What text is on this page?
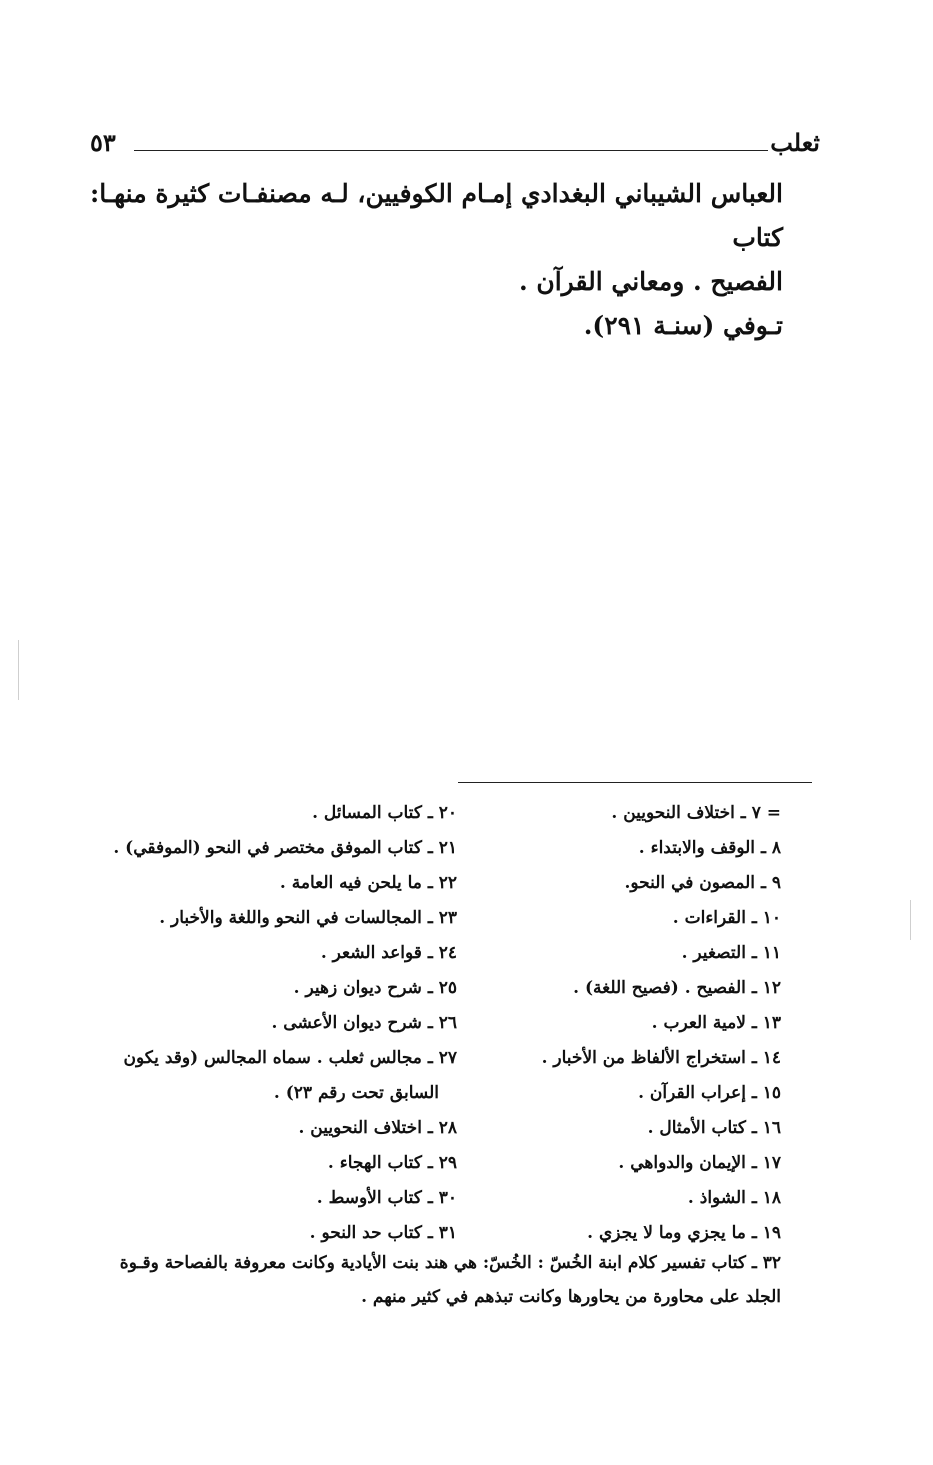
ثعلب
٥٣

العباس الشيباني البغدادي إمـام الكوفيين، لـه مصنفـات كثيرة منهـا: كتاب

الفصيح . ومعاني القرآن .

تـوفي (سنـة ٢٩١).

= ٧ ـ اختلاف النحويين .
٨ ـ الوقف والابتداء .
٩ ـ المصون في النحو.
١٠ ـ القراءات .
١١ ـ التصغير .
١٢ ـ الفصيح . (فصيح اللغة) .
١٣ ـ لامية العرب .
١٤ ـ استخراج الألفاظ من الأخبار .
١٥ ـ إعراب القرآن .
١٦ ـ كتاب الأمثال .
١٧ ـ الإيمان والدواهي .
١٨ ـ الشواذ .
١٩ ـ ما يجزي وما لا يجزي .
٢٠ ـ كتاب المسائل .
٢١ ـ كتاب الموفق مختصر في النحو (الموفقي) .
٢٢ ـ ما يلحن فيه العامة .
٢٣ ـ المجالسات في النحو واللغة والأخبار .
٢٤ ـ قواعد الشعر .
٢٥ ـ شرح ديوان زهير .
٢٦ ـ شرح ديوان الأعشى .
٢٧ ـ مجالس ثعلب . سماه المجالس (وقد يكون
السابق تحت رقم ٢٣) .
٢٨ ـ اختلاف النحويين .
٢٩ ـ كتاب الهجاء .
٣٠ ـ كتاب الأوسط .
٣١ ـ كتاب حد النحو .

٣٢ ـ كتاب تفسير كلام ابنة الخُسّ : الخُسّ: هي هند بنت الأيادية وكانت معروفة بالفصاحة وقـوة

الجلد على محاورة من يحاورها وكانت تبذهم في كثير منهم .
